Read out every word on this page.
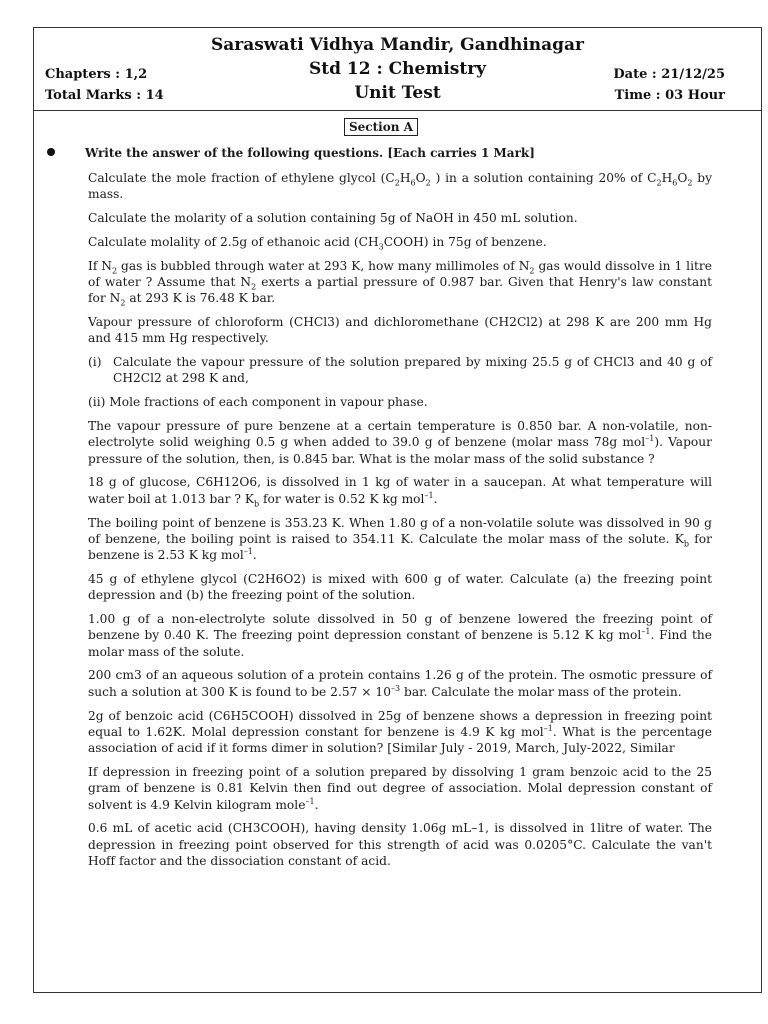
Saraswati Vidhya Mandir, Gandhinagar
Std 12 : Chemistry
Unit Test
Chapters : 1,2
Total Marks : 14
Date : 21/12/25
Time : 03 Hour
Section A
Write the answer of the following questions. [Each carries 1 Mark]

Calculate the mole fraction of ethylene glycol ($C_2H_6O_2$ ) in a solution containing 20% of $C_2H_6O_2$ by mass.

Calculate the molarity of a solution containing 5g of NaOH in 450 mL solution.

Calculate molality of 2.5g of ethanoic acid $(CH_3COOH)$ in 75g of benzene.

If $N_2$ gas is bubbled through water at 293 K, how many millimoles of $N_2$ gas would dissolve in 1 litre of water ? Assume that $N_2$ exerts a partial pressure of 0.987 bar. Given that Henry's law constant for $N_2$ at 293 K is 76.48 K bar.

Vapour pressure of chloroform (CHCl3) and dichloromethane (CH2Cl2) at 298 K are 200 mm Hg and 415 mm Hg respectively.

(i) Calculate the vapour pressure of the solution prepared by mixing 25.5 g of CHCl3 and 40 g of CH2Cl2 at 298 K and,

(ii) Mole fractions of each component in vapour phase.

The vapour pressure of pure benzene at a certain temperature is 0.850 bar. A non-volatile, non-electrolyte solid weighing 0.5 g when added to 39.0 g of benzene (molar mass 78g mol$^{-1}$). Vapour pressure of the solution, then, is 0.845 bar. What is the molar mass of the solid substance ?

18 g of glucose, C6H12O6, is dissolved in 1 kg of water in a saucepan. At what temperature will water boil at 1.013 bar ? $K_b$ for water is 0.52 K kg mol$^{-1}$.

The boiling point of benzene is 353.23 K. When 1.80 g of a non-volatile solute was dissolved in 90 g of benzene, the boiling point is raised to 354.11 K. Calculate the molar mass of the solute. $K_b$ for benzene is 2.53 K kg mol$^{-1}$.

45 g of ethylene glycol (C2H6O2) is mixed with 600 g of water. Calculate (a) the freezing point depression and (b) the freezing point of the solution.

1.00 g of a non-electrolyte solute dissolved in 50 g of benzene lowered the freezing point of benzene by 0.40 K. The freezing point depression constant of benzene is 5.12 K kg mol$^{-1}$. Find the molar mass of the solute.

200 cm3 of an aqueous solution of a protein contains 1.26 g of the protein. The osmotic pressure of such a solution at 300 K is found to be $2.57 \times 10^{-3}$ bar. Calculate the molar mass of the protein.

2g of benzoic acid (C6H5COOH) dissolved in 25g of benzene shows a depression in freezing point equal to 1.62K. Molal depression constant for benzene is 4.9 K kg mol$^{-1}$. What is the percentage association of acid if it forms dimer in solution? [Similar July - 2019, March, July-2022, Similar

If depression in freezing point of a solution prepared by dissolving 1 gram benzoic acid to the 25 gram of benzene is 0.81 Kelvin then find out degree of association. Molal depression constant of solvent is 4.9 Kelvin kilogram mole$^{-1}$.

0.6 mL of acetic acid (CH3COOH), having density 1.06g mL–1, is dissolved in 1litre of water. The depression in freezing point observed for this strength of acid was 0.0205°C. Calculate the van't Hoff factor and the dissociation constant of acid.
